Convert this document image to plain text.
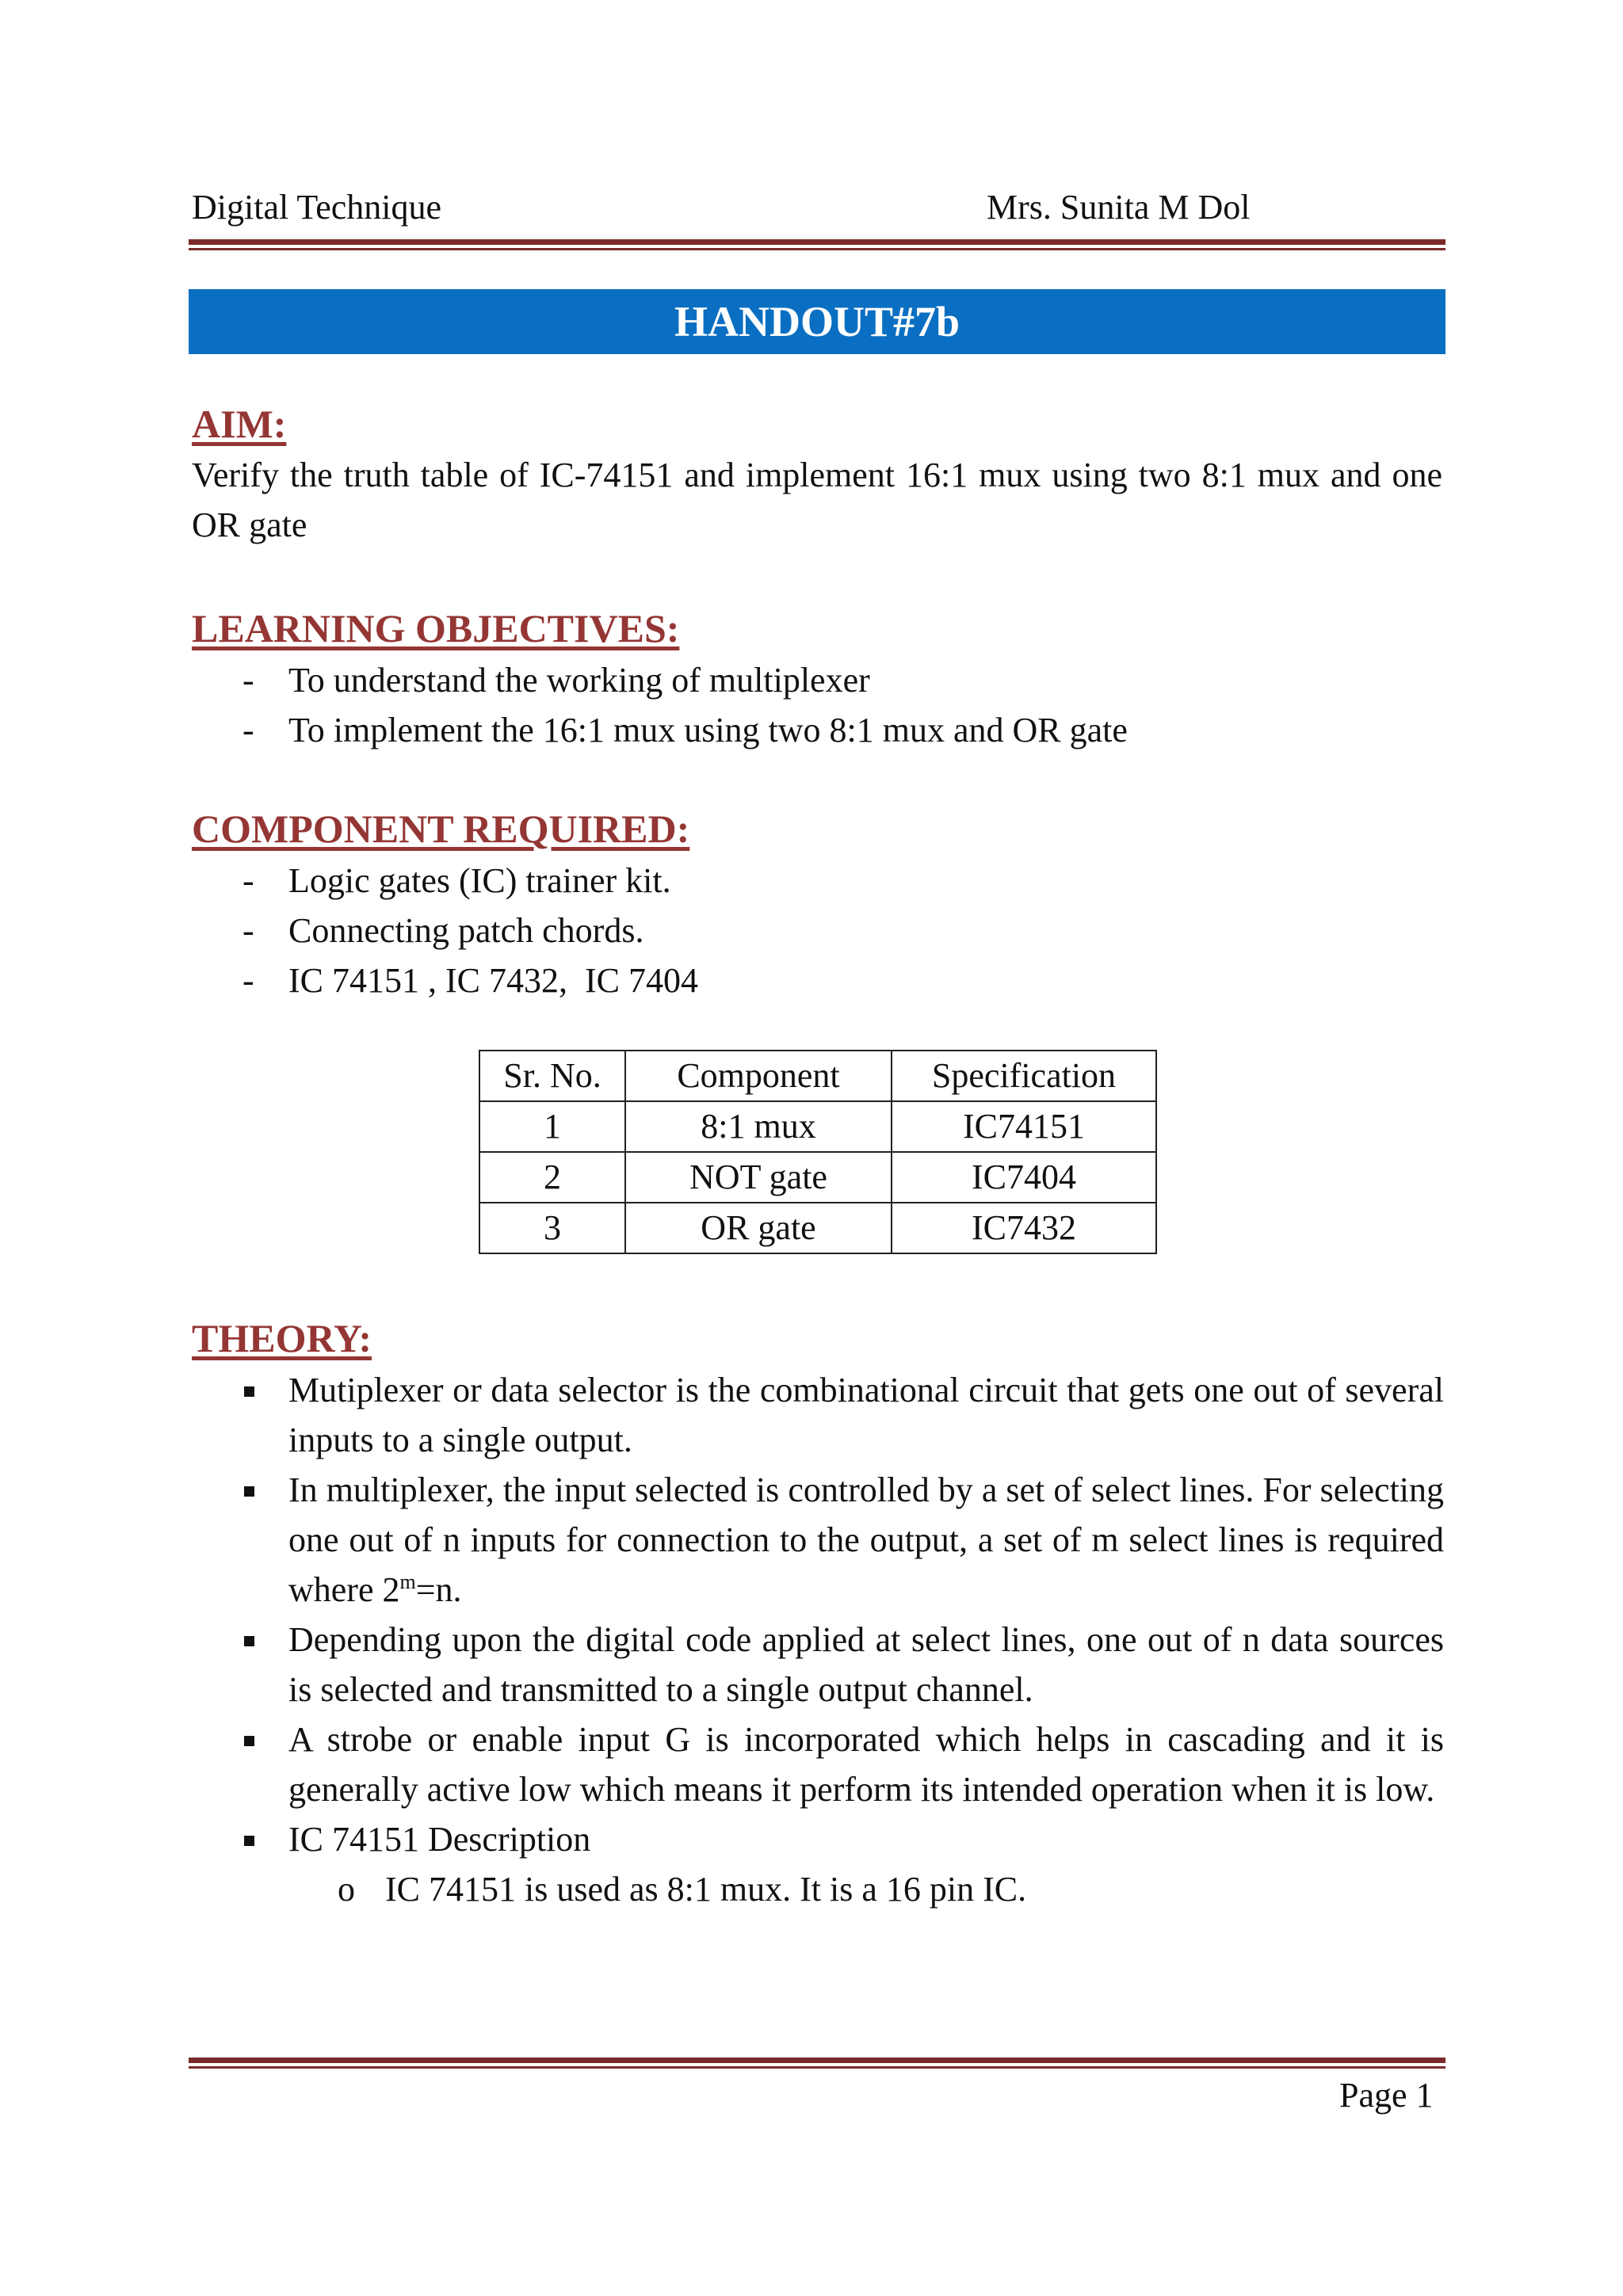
Digital Technique	Mrs. Sunita M Dol
HANDOUT#7b
AIM:

Verify the truth table of IC-74151 and implement 16:1 mux using two 8:1 mux and one OR gate

LEARNING OBJECTIVES:
- To understand the working of multiplexer
- To implement the 16:1 mux using two 8:1 mux and OR gate
COMPONENT REQUIRED:
- Logic gates (IC) trainer kit.
- Connecting patch chords.
- IC 74151 , IC 7432,  IC 7404
Sr. No.	Component	Specification
1	8:1 mux	IC74151
2	NOT gate	IC7404
3	OR gate	IC7432
THEORY:
Mutiplexer or data selector is the combinational circuit that gets one out of several inputs to a single output.
In multiplexer, the input selected is controlled by a set of select lines. For selecting one out of n inputs for connection to the output, a set of m select lines is required where $2^m=n$.
Depending upon the digital code applied at select lines, one out of n data sources is selected and transmitted to a single output channel.
A strobe or enable input G is incorporated which helps in cascading and it is generally active low which means it perform its intended operation when it is low.
IC 74151 Description
o IC 74151 is used as 8:1 mux. It is a 16 pin IC.
Page 1
